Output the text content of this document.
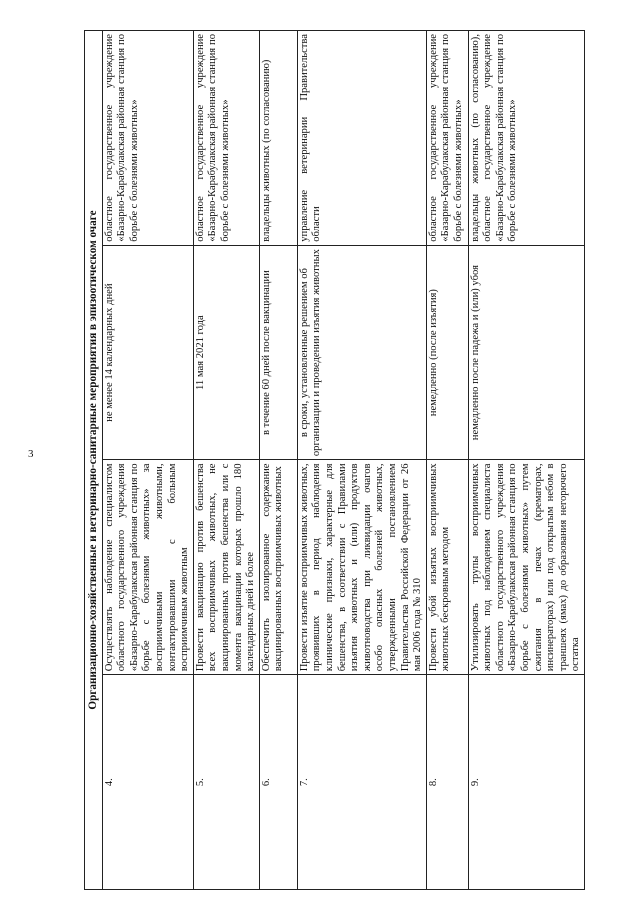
3	Организационно-хозяйственные и ветеринарно-санитарные мероприятия в эпизоотическом очаге			
4.	Осуществлять наблюдение специалистом областного государственного учреждения «Базарно-Карабулакская районная станция по борьбе с болезнями животных» за восприимчивыми животными, контактировавшими с больным восприимчивым животным	не менее 14 календарных дней	областное государственное учреждение «Базарно-Карабулакская районная станция по борьбе с болезнями животных»
5.	Провести вакцинацию против бешенства всех восприимчивых животных, не вакцинированных против бешенства или с момента вакцинации которых прошло 180 календарных дней и более	11 мая 2021 года	областное государственное учреждение «Базарно-Карабулакская районная станция по борьбе с болезнями животных»
6.	Обеспечить изолированное содержание вакцинированных восприимчивых животных	в течение 60 дней после вакцинации	владельцы животных (по согласованию)
7.	Провести изъятие восприимчивых животных, проявивших в период наблюдения клинические признаки, характерные для бешенства, в соответствии с Правилами изъятия животных и (или) продуктов животноводства при ликвидации очагов особо опасных болезней животных, утвержденными постановлением Правительства Российской Федерации от 26 мая 2006 года № 310	в сроки, установленные решением об организации и проведении изъятия животных	управление ветеринарии Правительства области
8.	Провести убой изъятых восприимчивых животных бескровным методом	немедленно (после изъятия)	областное государственное учреждение «Базарно-Карабулакская районная станция по борьбе с болезнями животных»
9.	Утилизировать трупы восприимчивых животных под наблюдением специалиста областного государственного учреждения «Базарно-Карабулакская районная станция по борьбе с болезнями животных» путем сжигания в печах (крематорах, инсинераторах) или под открытым небом в траншеях (ямах) до образования негорючего остатка	немедленно после падежа и (или) убоя	владельцы животных (по согласованию), областное государственное учреждение «Базарно-Карабулакская районная станция по борьбе с болезнями животных»
